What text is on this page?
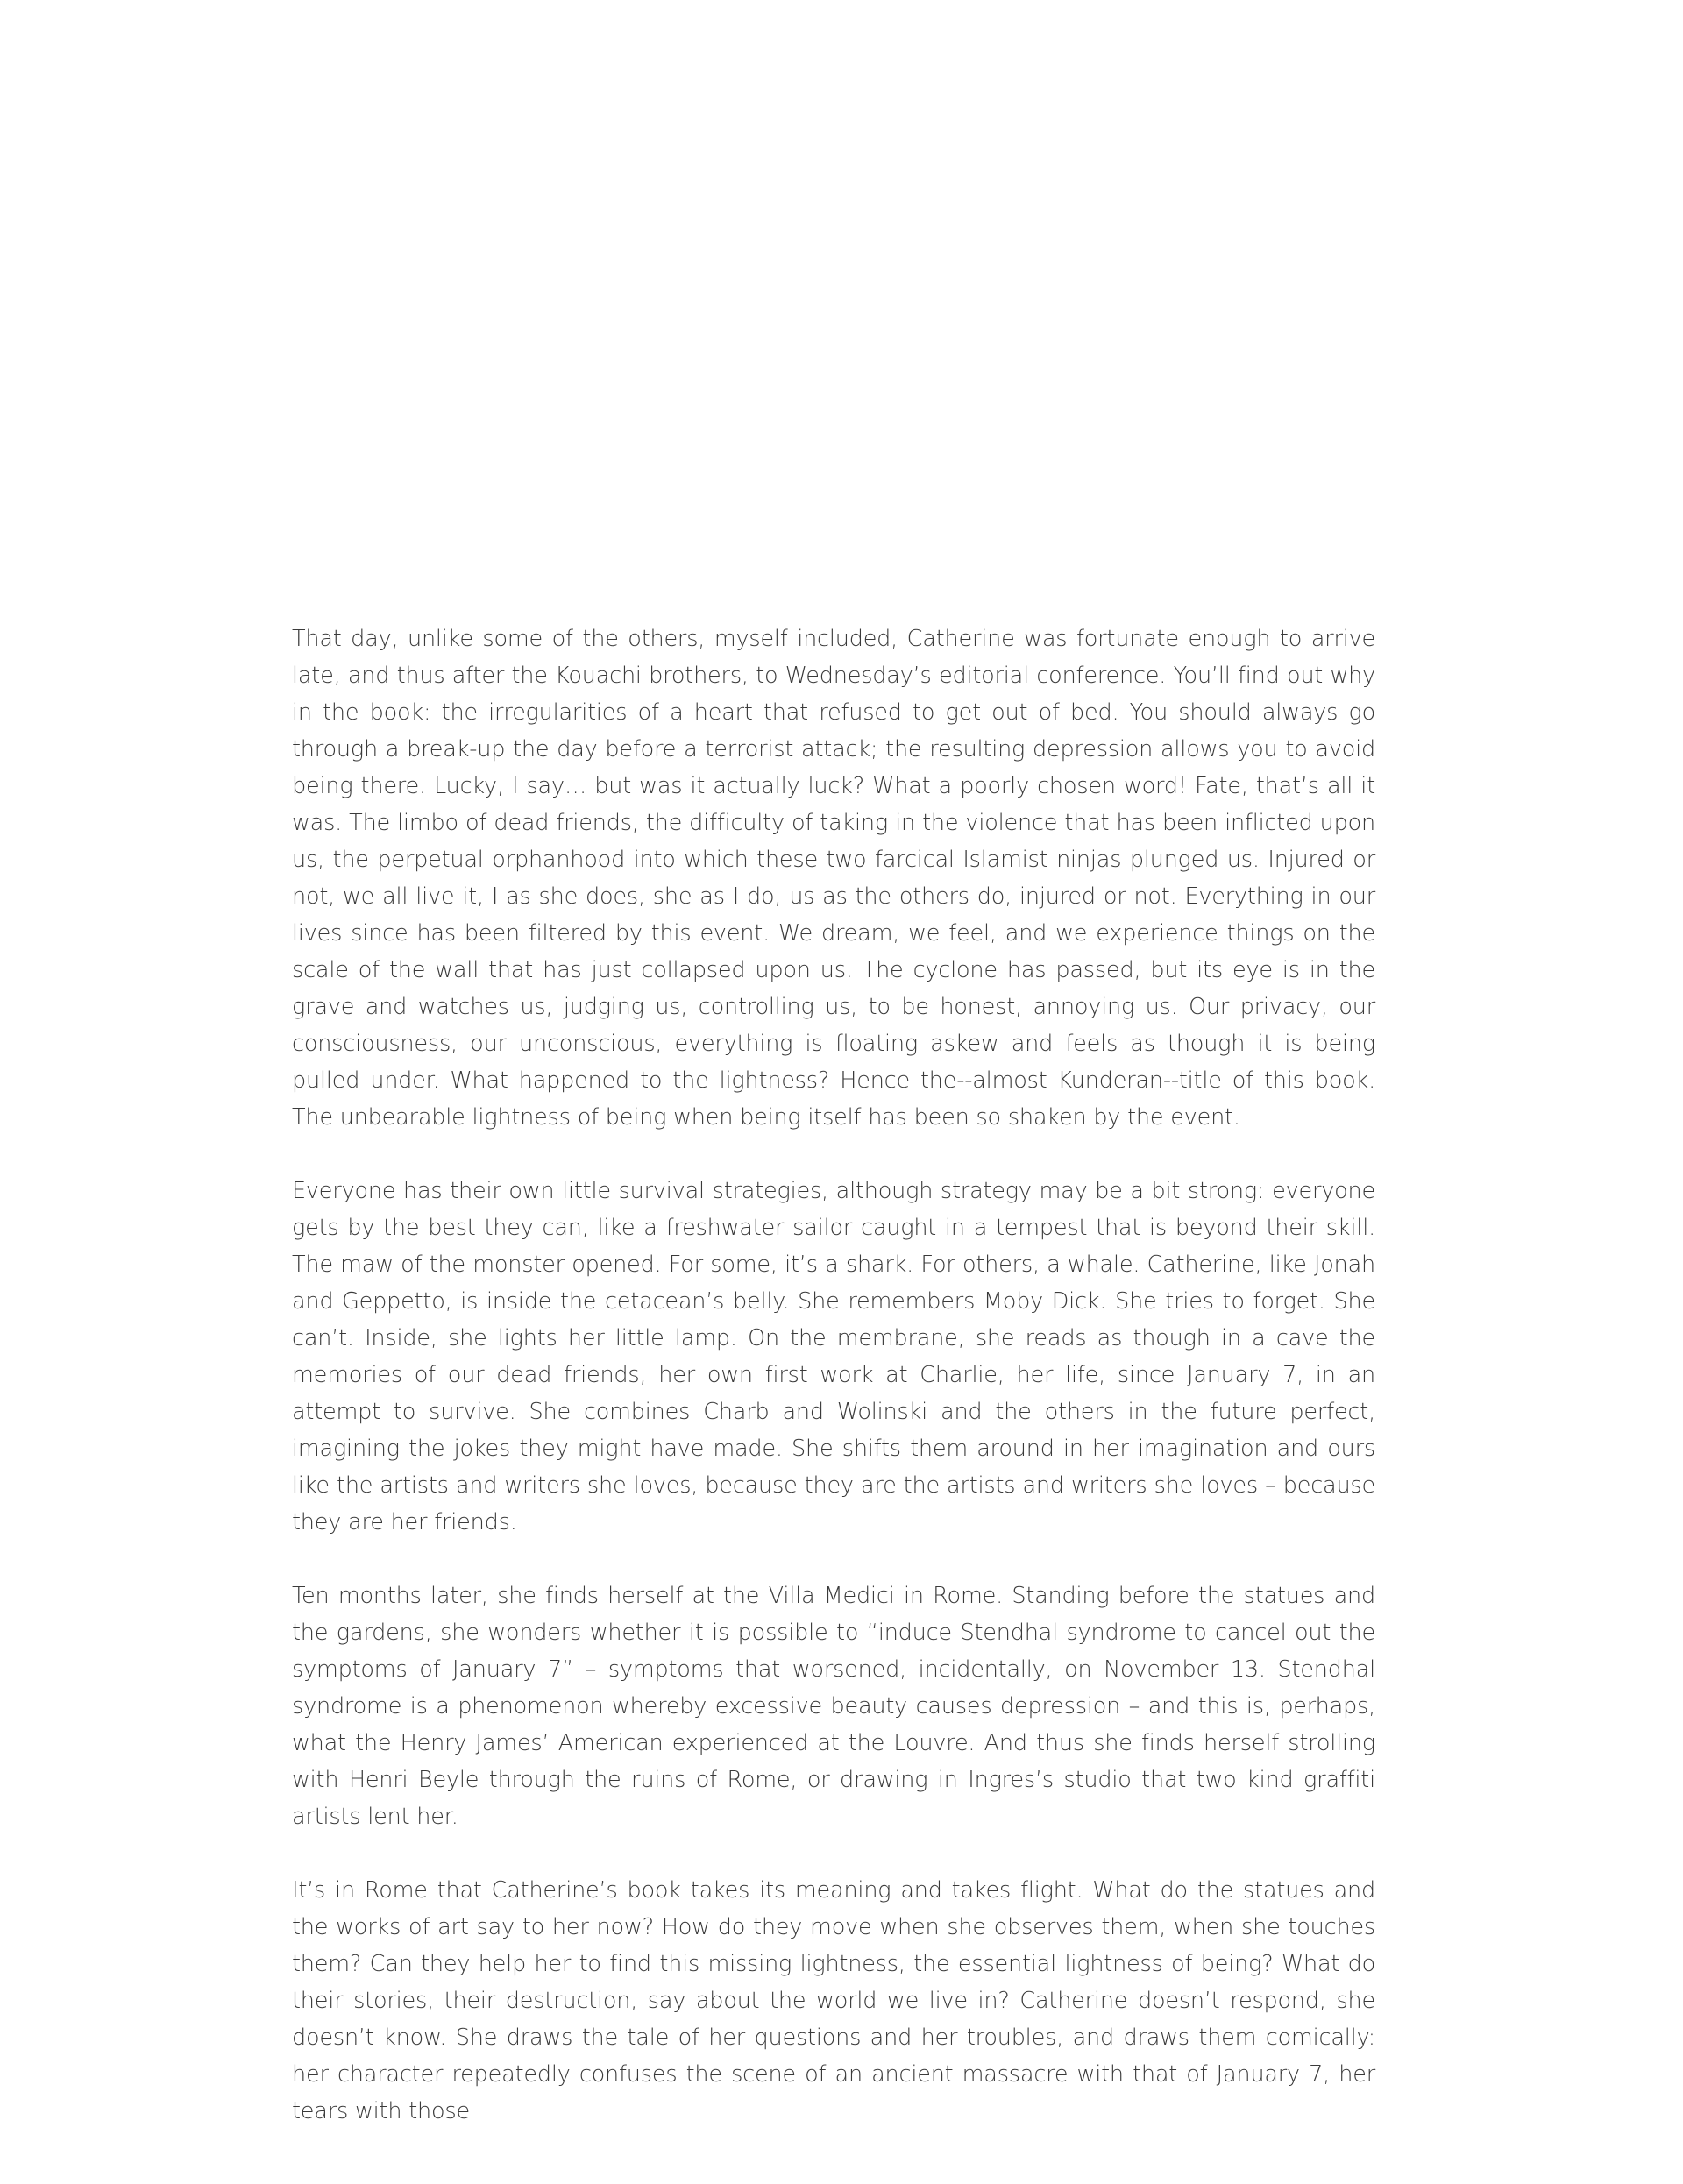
That day, unlike some of the others, myself included, Catherine was fortunate enough to arrive late, and thus after the Kouachi brothers, to Wednesday’s editorial conference. You’ll find out why in the book: the irregularities of a heart that refused to get out of bed. You should always go through a break-up the day before a terrorist attack; the resulting depression allows you to avoid being there. Lucky, I say… but was it actually luck? What a poorly chosen word! Fate, that’s all it was. The limbo of dead friends, the difficulty of taking in the violence that has been inflicted upon us, the perpetual orphanhood into which these two farcical Islamist ninjas plunged us. Injured or not, we all live it, I as she does, she as I do, us as the others do, injured or not. Everything in our lives since has been filtered by this event. We dream, we feel, and we experience things on the scale of the wall that has just collapsed upon us. The cyclone has passed, but its eye is in the grave and watches us, judging us, controlling us, to be honest, annoying us. Our privacy, our consciousness, our unconscious, everything is floating askew and feels as though it is being pulled under. What happened to the lightness? Hence the--almost Kunderan--title of this book. The unbearable lightness of being when being itself has been so shaken by the event.

Everyone has their own little survival strategies, although strategy may be a bit strong: everyone gets by the best they can, like a freshwater sailor caught in a tempest that is beyond their skill. The maw of the monster opened. For some, it’s a shark. For others, a whale. Catherine, like Jonah and Geppetto, is inside the cetacean’s belly. She remembers Moby Dick. She tries to forget. She can’t. Inside, she lights her little lamp. On the membrane, she reads as though in a cave the memories of our dead friends, her own first work at Charlie, her life, since January 7, in an attempt to survive. She combines Charb and Wolinski and the others in the future perfect, imagining the jokes they might have made. She shifts them around in her imagination and ours like the artists and writers she loves, because they are the artists and writers she loves – because they are her friends.

Ten months later, she finds herself at the Villa Medici in Rome. Standing before the statues and the gardens, she wonders whether it is possible to “induce Stendhal syndrome to cancel out the symptoms of January 7” – symptoms that worsened, incidentally, on November 13. Stendhal syndrome is a phenomenon whereby excessive beauty causes depression – and this is, perhaps, what the Henry James’ American experienced at the Louvre. And thus she finds herself strolling with Henri Beyle through the ruins of Rome, or drawing in Ingres’s studio that two kind graffiti artists lent her.

It’s in Rome that Catherine’s book takes its meaning and takes flight. What do the statues and the works of art say to her now? How do they move when she observes them, when she touches them? Can they help her to find this missing lightness, the essential lightness of being? What do their stories, their destruction, say about the world we live in? Catherine doesn’t respond, she doesn’t know. She draws the tale of her questions and her troubles, and draws them comically: her character repeatedly confuses the scene of an ancient massacre with that of January 7, her tears with those
